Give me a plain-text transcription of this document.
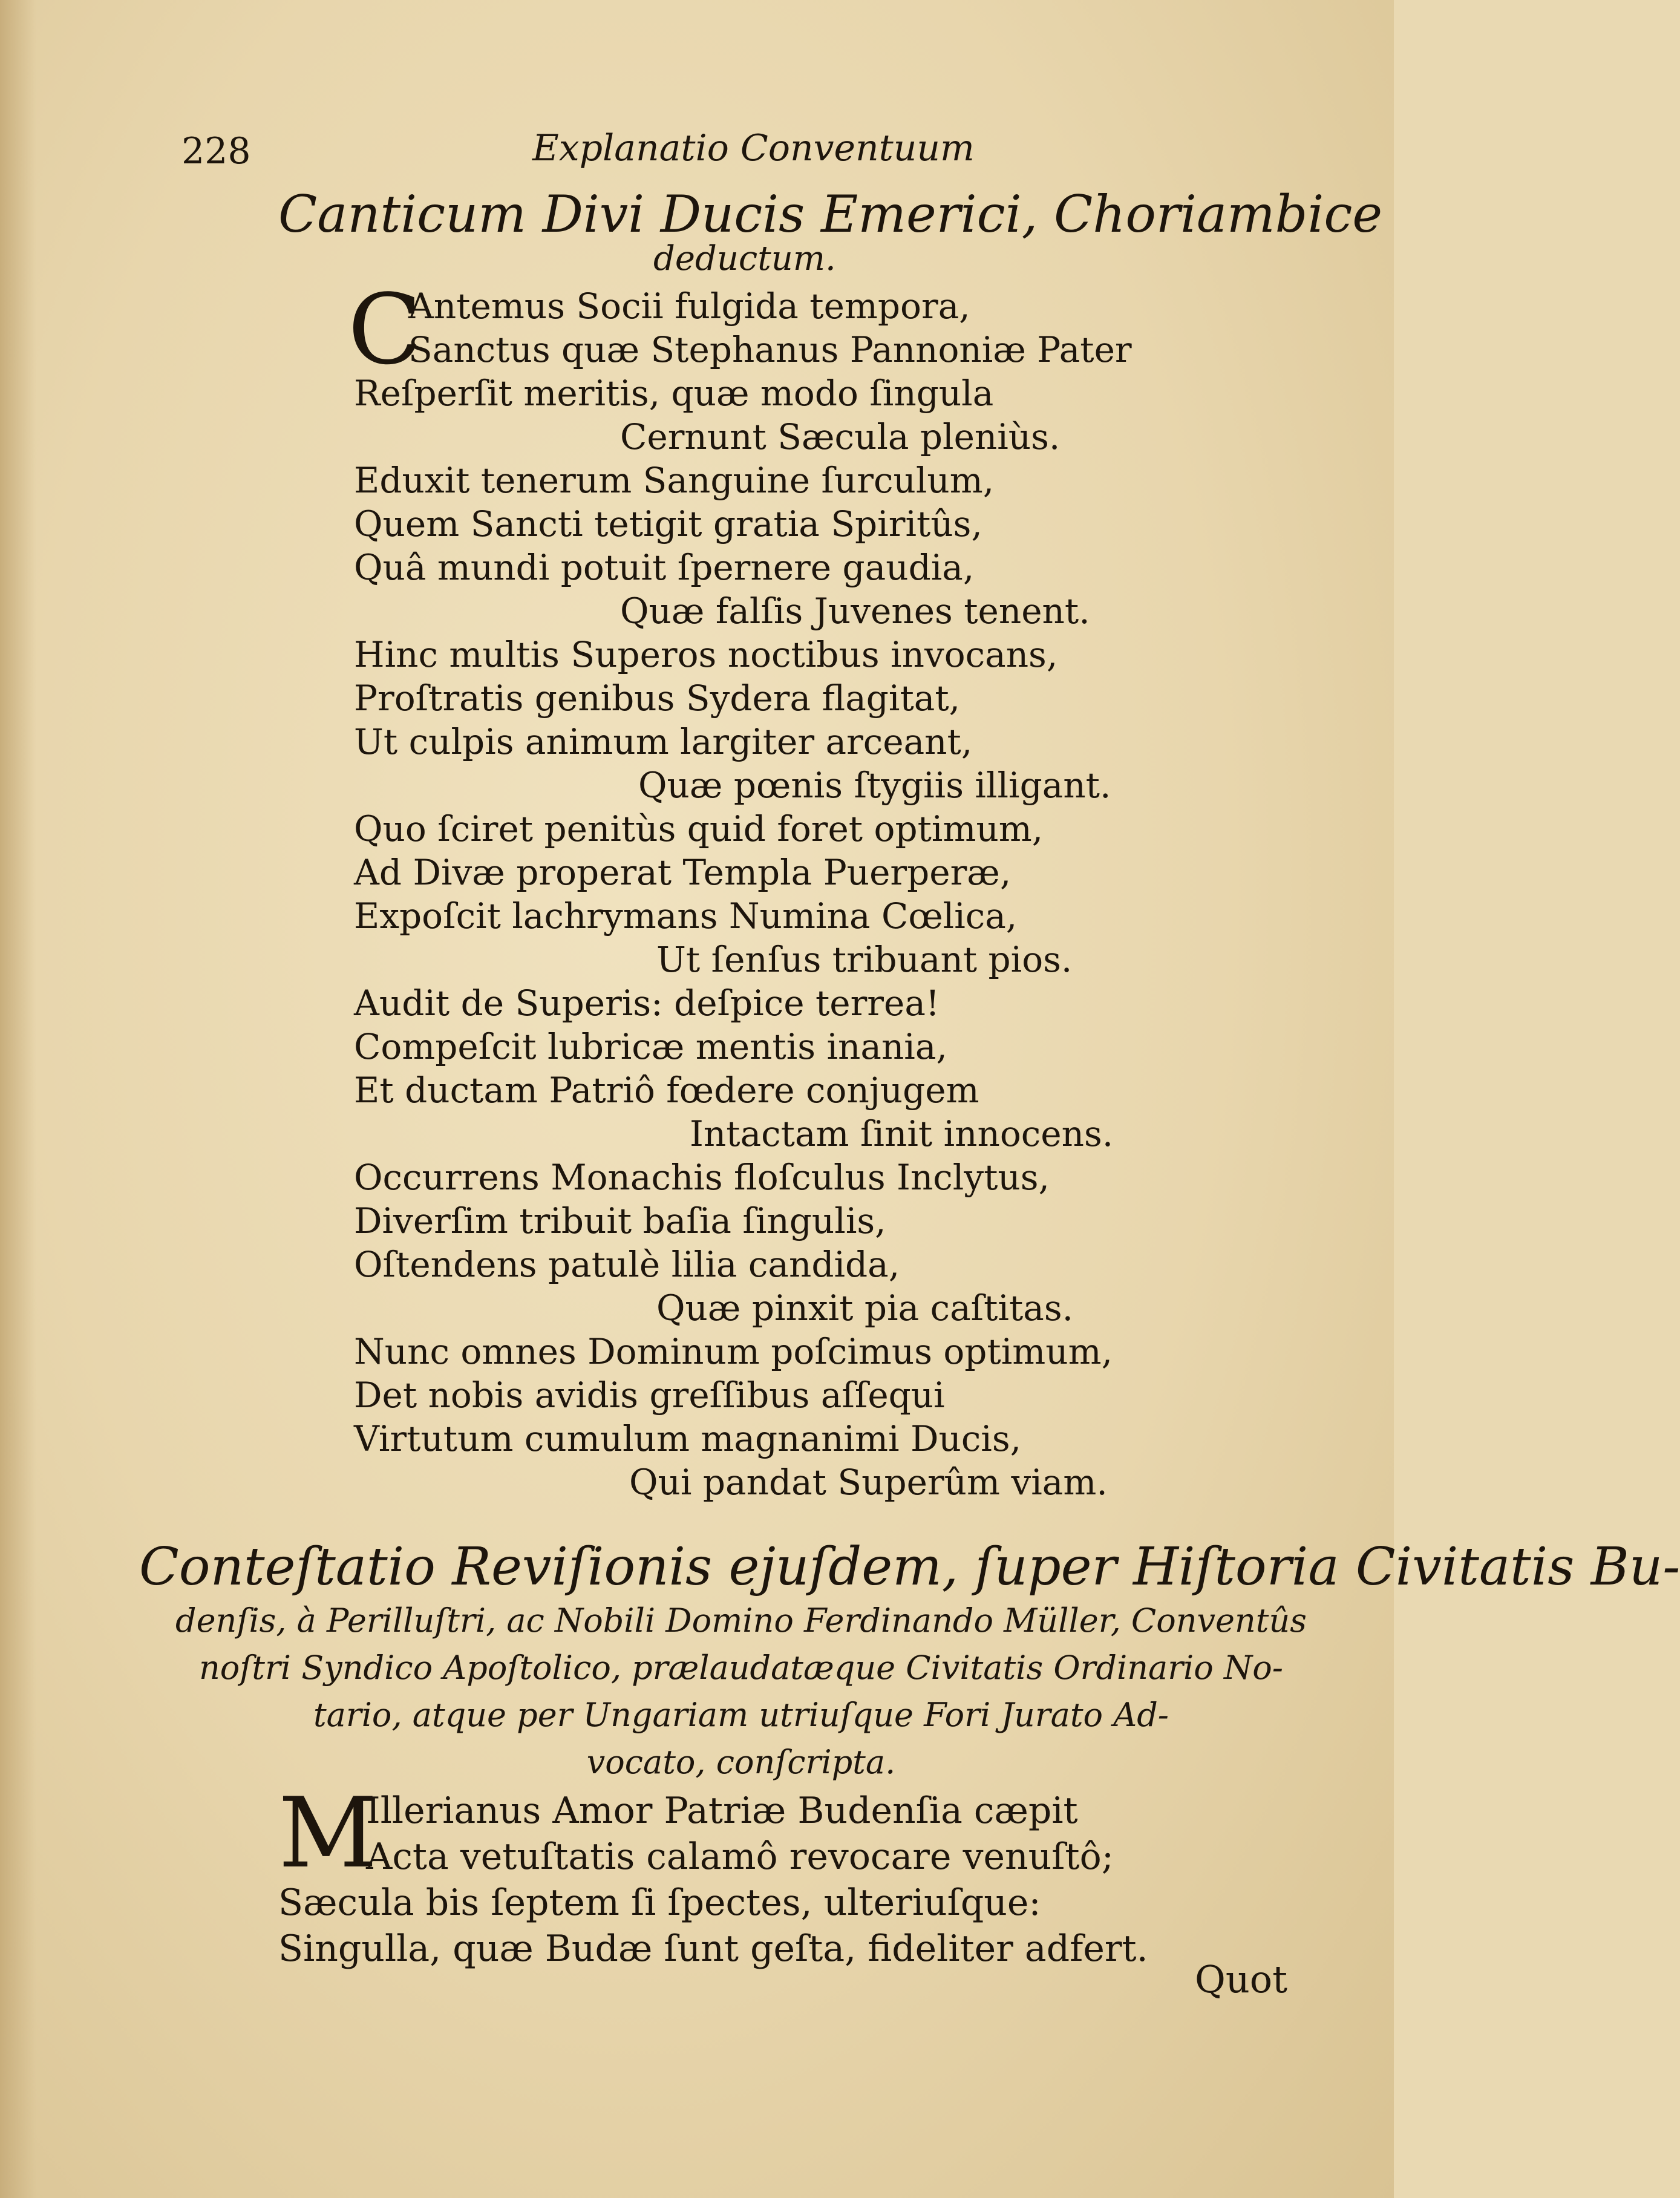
228	Explanatio Conventuum
Canticum Divi Ducis Emerici, Choriambice
deductum.
C
Antemus Socii fulgida tempora,
Sanctus quæ Stephanus Pannoniæ Pater
Reſperſit meritis, quæ modo ſingula
Cernunt Sæcula pleniùs.
Eduxit tenerum Sanguine ſurculum,
Quem Sancti tetigit gratia Spiritûs,
Quâ mundi potuit ſpernere gaudia,
Quæ falſis Juvenes tenent.
Hinc multis Superos noctibus invocans,
Proſtratis genibus Sydera flagitat,
Ut culpis animum largiter arceant,
Quæ pœnis ſtygiis illigant.
Quo ſciret penitùs quid foret optimum,
Ad Divæ properat Templa Puerperæ,
Expoſcit lachrymans Numina Cœlica,
Ut ſenſus tribuant pios.
Audit de Superis: deſpice terrea!
Compeſcit lubricæ mentis inania,
Et ductam Patriô fœdere conjugem
Intactam ſinit innocens.
Occurrens Monachis floſculus Inclytus,
Diverſim tribuit baſia ſingulis,
Oſtendens patulè lilia candida,
Quæ pinxit pia caſtitas.
Nunc omnes Dominum poſcimus optimum,
Det nobis avidis greſſibus aſſequi
Virtutum cumulum magnanimi Ducis,
Qui pandat Superûm viam.
Conteſtatio Reviſionis ejuſdem, ſuper Hiſtoria Civitatis Bu-
denſis, à Perilluſtri, ac Nobili Domino Ferdinando Müller, Conventûs
noſtri Syndico Apoſtolico, prælaudatæque Civitatis Ordinario No-
tario, atque per Ungariam utriuſque Fori Jurato Ad-
vocato, conſcripta.
M
Illerianus Amor Patriæ Budenſia cæpit
Acta vetuſtatis calamô revocare venuſtô;
Sæcula bis ſeptem ſi ſpectes, ulteriuſque:
Singulla, quæ Budæ ſunt geſta, fideliter adfert.
Quot
